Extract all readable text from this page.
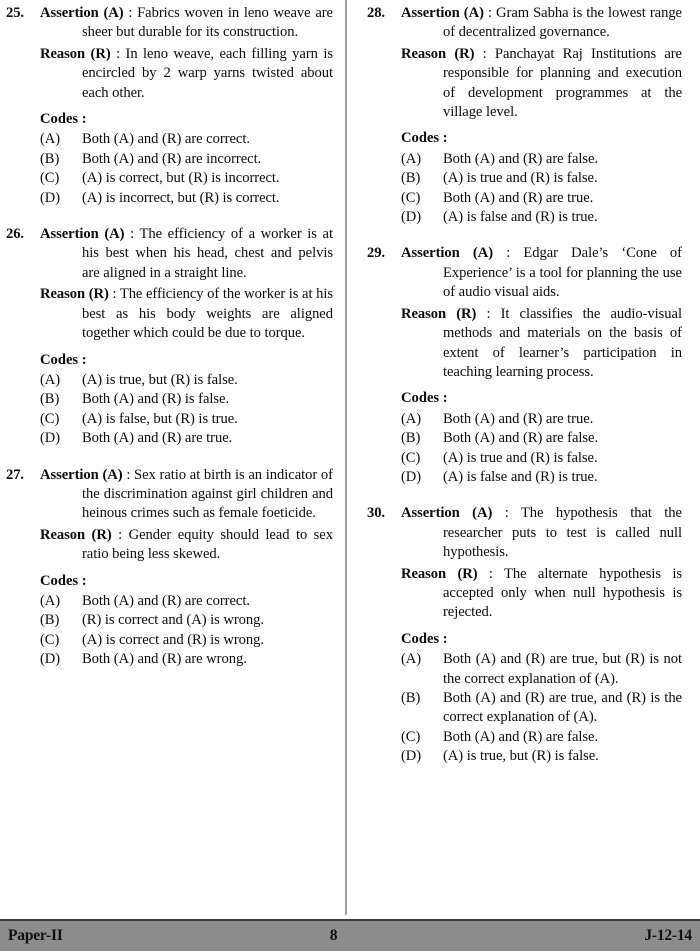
25.	Assertion (A) : Fabrics woven in leno weave are sheer but durable for its construction.
Reason (R) : In leno weave, each filling yarn is encircled by 2 warp yarns twisted about each other.
Codes :
(A)	Both (A) and (R) are correct.
(B)	Both (A) and (R) are incorrect.
(C)	(A) is correct, but (R) is incorrect.
(D)	(A) is incorrect, but (R) is correct.
26.	Assertion (A) : The efficiency of a worker is at his best when his head, chest and pelvis are aligned in a straight line.
Reason (R) : The efficiency of the worker is at his best as his body weights are aligned together which could be due to torque.
Codes :
(A)	(A) is true, but (R) is false.
(B)	Both (A) and (R) is false.
(C)	(A) is false, but (R) is true.
(D)	Both (A) and (R) are true.
27.	Assertion (A) : Sex ratio at birth is an indicator of the discrimination against girl children and heinous crimes such as female foeticide.
Reason (R) : Gender equity should lead to sex ratio being less skewed.
Codes :
(A)	Both (A) and (R) are correct.
(B)	(R) is correct and (A) is wrong.
(C)	(A) is correct and (R) is wrong.
(D)	Both (A) and (R) are wrong.
28.	Assertion (A) : Gram Sabha is the lowest range of decentralized governance.
Reason (R) : Panchayat Raj Institutions are responsible for planning and execution of development programmes at the village level.
Codes :
(A)	Both (A) and (R) are false.
(B)	(A) is true and (R) is false.
(C)	Both (A) and (R) are true.
(D)	(A) is false and (R) is true.
29.	Assertion (A) : Edgar Dale’s ‘Cone of Experience’ is a tool for planning the use of audio visual aids.
Reason (R) : It classifies the audio-visual methods and materials on the basis of extent of learner’s participation in teaching learning process.
Codes :
(A)	Both (A) and (R) are true.
(B)	Both (A) and (R) are false.
(C)	(A) is true and (R) is false.
(D)	(A) is false and (R) is true.
30.	Assertion (A) : The hypothesis that the researcher puts to test is called null hypothesis.
Reason (R) : The alternate hypothesis is accepted only when null hypothesis is rejected.
Codes :
(A)	Both (A) and (R) are true, but (R) is not the correct explanation of (A).
(B)	Both (A) and (R) are true, and (R) is the correct explanation of (A).
(C)	Both (A) and (R) are false.
(D)	(A) is true, but (R) is false.
Paper-II	8	J-12-14
